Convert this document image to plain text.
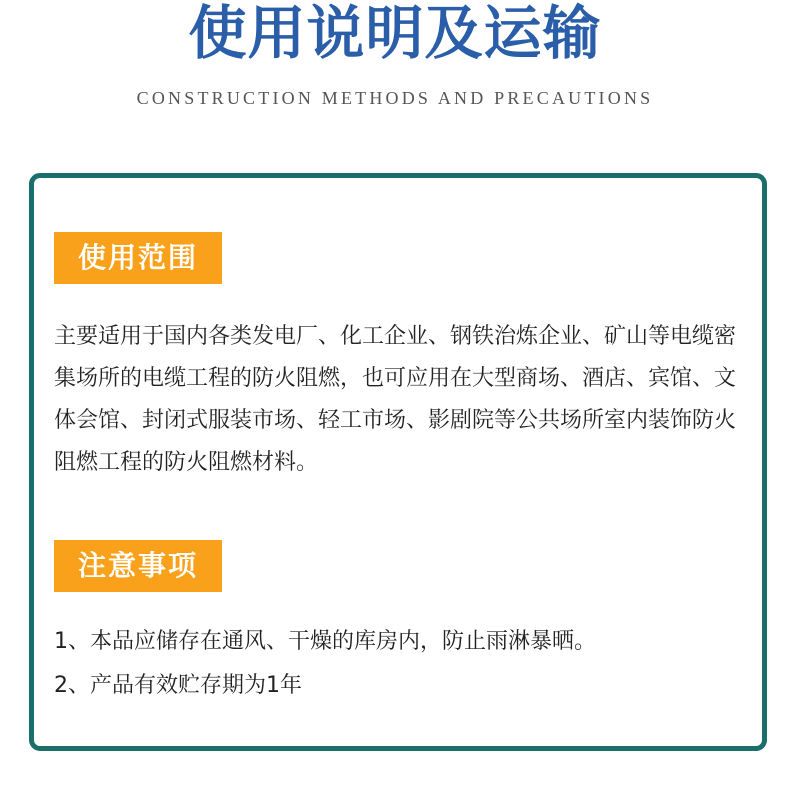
使用说明及运输
CONSTRUCTION METHODS AND PRECAUTIONS
使用范围

主要适用于国内各类发电厂、化工企业、钢铁治炼企业、矿山等电缆密集场所的电缆工程的防火阻燃，也可应用在大型商场、酒店、宾馆、文体会馆、封闭式服装市场、轻工市场、影剧院等公共场所室内装饰防火阻燃工程的防火阻燃材料。

注意事项
1、本品应储存在通风、干燥的库房内，防止雨淋暴晒。
2、产品有效贮存期为1年
